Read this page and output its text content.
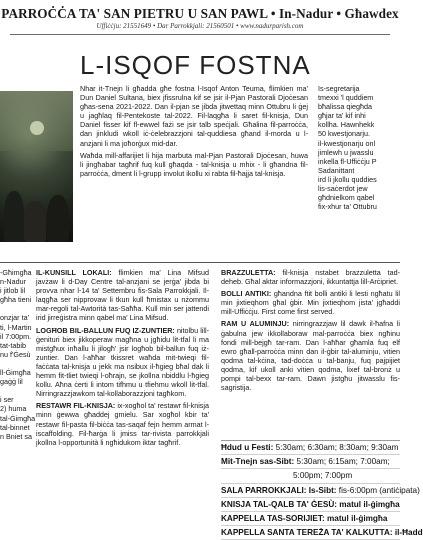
PARROĊĊA TA' SAN PIETRU U SAN PAWL • In-Nadur • Għawdex
Uffiċċju: 21551649 • Dar Parrokkjali: 21560501 • www.nadurparish.com
L-ISQOF FOSTNA

Nhar it-Tnejn li għadda għe fostna l-Isqof Anton Teuma, flimkien ma' Dun Daniel Sultana, biex jfissrulna kif se jsir il-Pjan Pastorali Djoċesan għas-sena 2021-2022. Dan il-pjan se jibda jitwettaq minn Ottubru li ġej u jagħlaq fil-Pentekoste tal-2022. Fil-laqgħa li saret fil-knisja, Dun Daniel fisser kif fl-ewwel fażi se jsir talb speċjali. Għalina fil-parroċċa, dan jinkludi wkoll iċ-ċelebrazzjoni tal-quddiesa għand il-morda u l-anzjani li ma joħorġux mid-dar.

Waħda mill-affarijiet li hija marbuta mal-Pjan Pastorali Djoċesan, huwa li jingħabar tagħrif fuq kull għaqda - tal-knisja u mhix - li għandna fil-parroċċa, dment li l-grupp involut ikollu xi rabta fil-ħajja tal-knisja.

Is-segretarija

tmexxi 'l quddiem

bħalissa qiegħda

għjar ta' kif inhi

kollha. Hawnhekk

50 kwestjonarju.

il-kwestjonarju onl

jimlewh u jwasslu

inkella fl-Uffiċċju P

Sadanittant

ird li jkollu quddies

lis-saċerdot jew

għdnielkom qabel

fix-xhur ta' Ottubru

-Għimgħa

n-Nadur

i jitlob lil

għha tieni

onzjar ta'

ti, l-Martin

il 7:00pm.

tat-tabib

nu f'Ġesù

ll-Ġimgħa

gaġġ lil

i ser

2) huma

tal-Ġimgħa

tal-binnet

n Bniet sa

IL-KUNSILL LOKALI: flimkien ma' Lina Mifsud javżaw li d-Day Centre tal-anzjani se jerġa' jibda bi provva nhar l-14 ta' Settembru fis-Sala Parrokkjali. Il-laqgħa ser nipprovaw li tkun kull ħmistax u nżommu mar-regoli tal-Awtorità tas-Saħħa. Kull min ser jattendi irid jirreġistra minn qabel ma' Lina Mifsud.

LOGĦOB BIL-BALLUN FUQ IZ-ZUNTIER: nitolbu lill-ġenituri biex jikkoperaw magħna u jgħidu lit-tfal li ma mistgħux inħallu li jilogħ' jsir logħob bil-ballun fuq iż-zuntier. Dan l-aħħar tkissret waħda mit-twieqi fil-faċċata tal-knisja u jekk ma nsibux il-ħgieg bħal dak li hemm fit-tliet twieqi l-oħrajn, se jkollna nbiddlu l-ħgieg kollu. Aħna ċerti li intom tifhmu u tfiehmu wkoll lit-tfal. Nirringrazzjawkom tal-kollaborazzjoni tagħkom.

RESTAWR FIL-KNISJA: ix-xogħol ta' restawr fil-knisja minn ġewwa għaddej gmielu. Sar xogħol kbir ta' restawr fil-pasta fil-biċċa tas-saqaf fejn hemm armat l-iscaffolding. Fil-ħarġa li jmiss tar-rivista parrokkjali jkollna l-opportunità li ngħidukom iktar tagħrif.

BRAZZULETTA: fil-knisja nstabet brazzuletta tad-deheb. Għal aktar informazzjoni, ikkuntattja lill-Arċipriet.

BOLLI ANTIKI: għandna ftit bolli antiki li lesti ngħatu lil min jixtieqhom għal ġbir. Min jixtieqhom jista' jgħaddi mill-Uffiċċju. First come first served.

RAM U ALUMINJU: nirringrazzjaw lil dawk il-ħafna li ġabulna jew ikkollaboraw mal-parroċċa biex ngħinu fondi mill-bejgħ tar-ram. Dan l-aħħar għamla fuq elf ewro għall-parroċċa minn dan il-ġbir tal-aluminju, vitien qodma tal-kċina, tad-doċċa u tal-banju, fuq pajpijiet qodma, kif ukoll anki vitien qodma, lixef tal-bronż u pompi tal-bexx tar-ram. Dawn jistgħu jitwasslu fis-sagristija.

Ħdud u Festi: 5:30am; 6:30am; 8:30am; 9:30am
Mit-Tnejn sas-Sibt: 5:30am; 6:15am; 7:00am;
5:00pm; 7:00pm
SALA PARROKKJALI: Is-Sibt: fis-6:00pm (antiċipata)
KNISJA TAL-QALB TA' ĠESÙ: matul il-ġimgħa
KAPPELLA TAS-SORIJIET: matul il-ġimgħa
KAPPELLA SANTA TEREŻA TA' KALKUTTA: il-Ħadd
